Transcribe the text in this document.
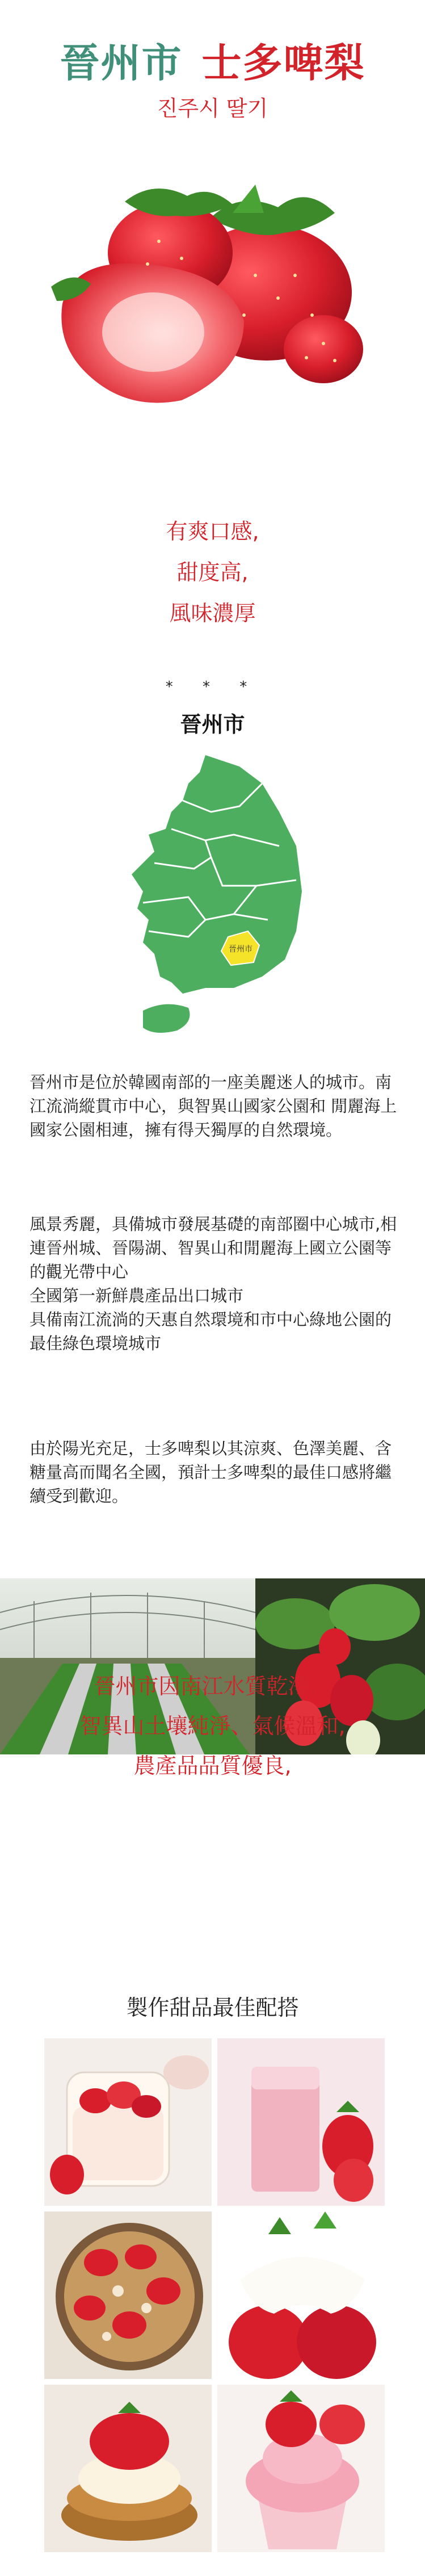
晉州市 士多啤梨
진주시 딸기
有爽口感,
甜度高,
風味濃厚
* * *
晉州市
晉州市

晉州市是位於韓國南部的一座美麗迷人的城市。南江流淌縱貫市中心，與智異山國家公園和 閒麗海上國家公園相連，擁有得天獨厚的自然環境。

風景秀麗，具備城市發展基礎的南部圈中心城市,相連晉州城、晉陽湖、智異山和閒麗海上國立公園等的觀光帶中心

全國第一新鮮農產品出口城市

具備南江流淌的天惠自然環境和市中心綠地公園的最佳綠色環境城市

由於陽光充足，士多啤梨以其涼爽、色澤美麗、含糖量高而聞名全國，預計士多啤梨的最佳口感將繼續受到歡迎。

晉州市因南江水質乾淨、
智異山土壤純淨、氣候溫和,
農產品品質優良,
製作甜品最佳配搭
